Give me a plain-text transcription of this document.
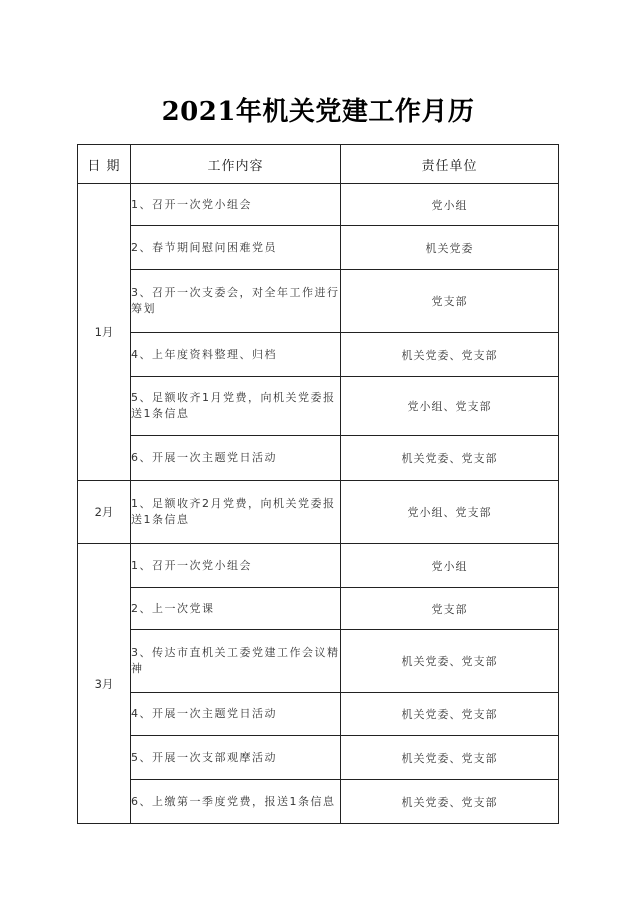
2021年机关党建工作月历
日 期	工作内容	责任单位
1月	1、召开一次党小组会	党小组
	2、春节期间慰问困难党员	机关党委
	3、召开一次支委会，对全年工作进行筹划	党支部
	4、上年度资料整理、归档	机关党委、党支部
	5、足额收齐1月党费，向机关党委报送1条信息	党小组、党支部
	6、开展一次主题党日活动	机关党委、党支部
2月	1、足额收齐2月党费，向机关党委报送1条信息	党小组、党支部
3月	1、召开一次党小组会	党小组
	2、上一次党课	党支部
	3、传达市直机关工委党建工作会议精神	机关党委、党支部
	4、开展一次主题党日活动	机关党委、党支部
	5、开展一次支部观摩活动	机关党委、党支部
	6、上缴第一季度党费，报送1条信息	机关党委、党支部
